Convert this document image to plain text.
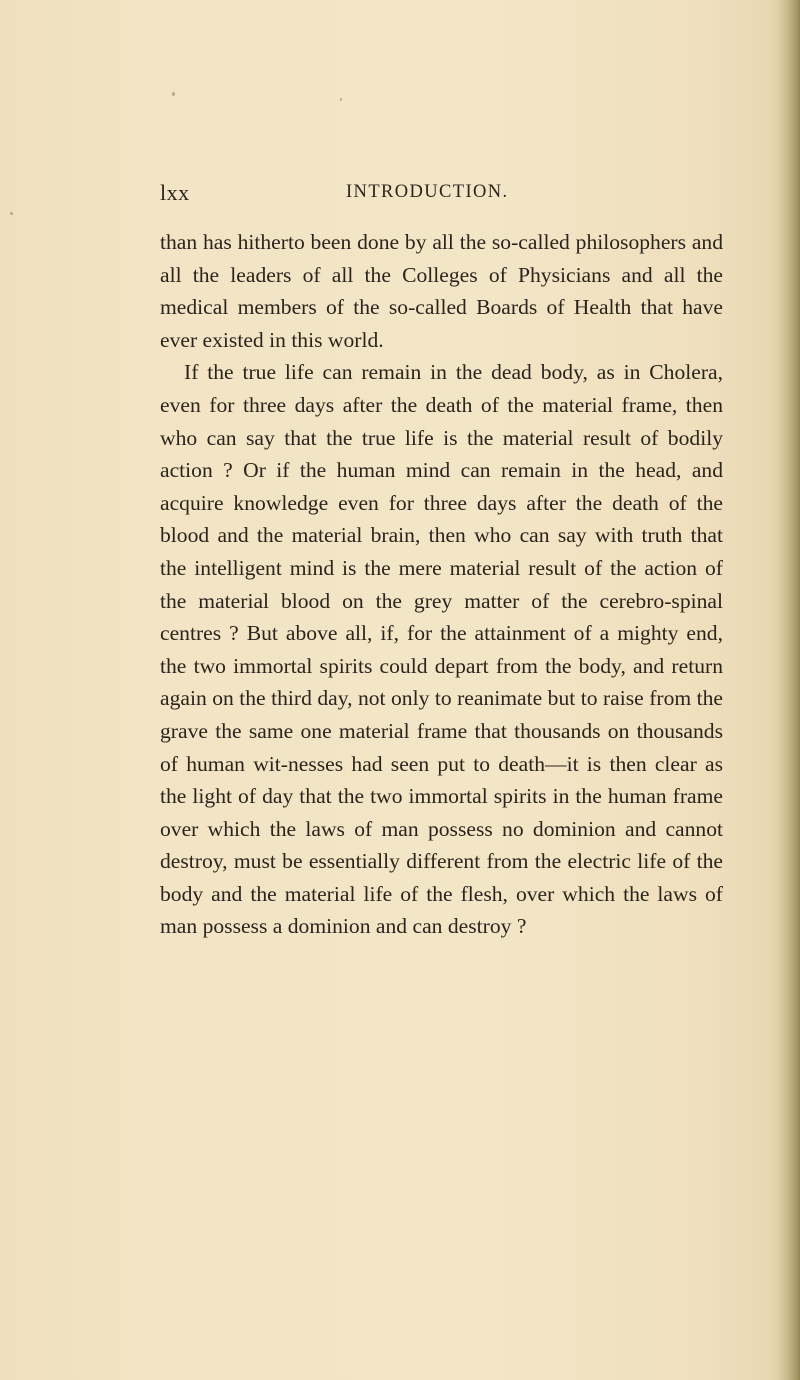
lxx	INTRODUCTION.

than has hitherto been done by all the so-called philosophers and all the leaders of all the Colleges of Physicians and all the medical members of the so-called Boards of Health that have ever existed in this world.

If the true life can remain in the dead body, as in Cholera, even for three days after the death of the material frame, then who can say that the true life is the material result of bodily action ? Or if the human mind can remain in the head, and acquire knowledge even for three days after the death of the blood and the material brain, then who can say with truth that the intelligent mind is the mere material result of the action of the material blood on the grey matter of the cerebro-spinal centres ? But above all, if, for the attainment of a mighty end, the two immortal spirits could depart from the body, and return again on the third day, not only to reanimate but to raise from the grave the same one material frame that thousands on thousands of human wit-nesses had seen put to death—it is then clear as the light of day that the two immortal spirits in the human frame over which the laws of man possess no dominion and cannot destroy, must be essentially different from the electric life of the body and the material life of the flesh, over which the laws of man possess a dominion and can destroy ?
